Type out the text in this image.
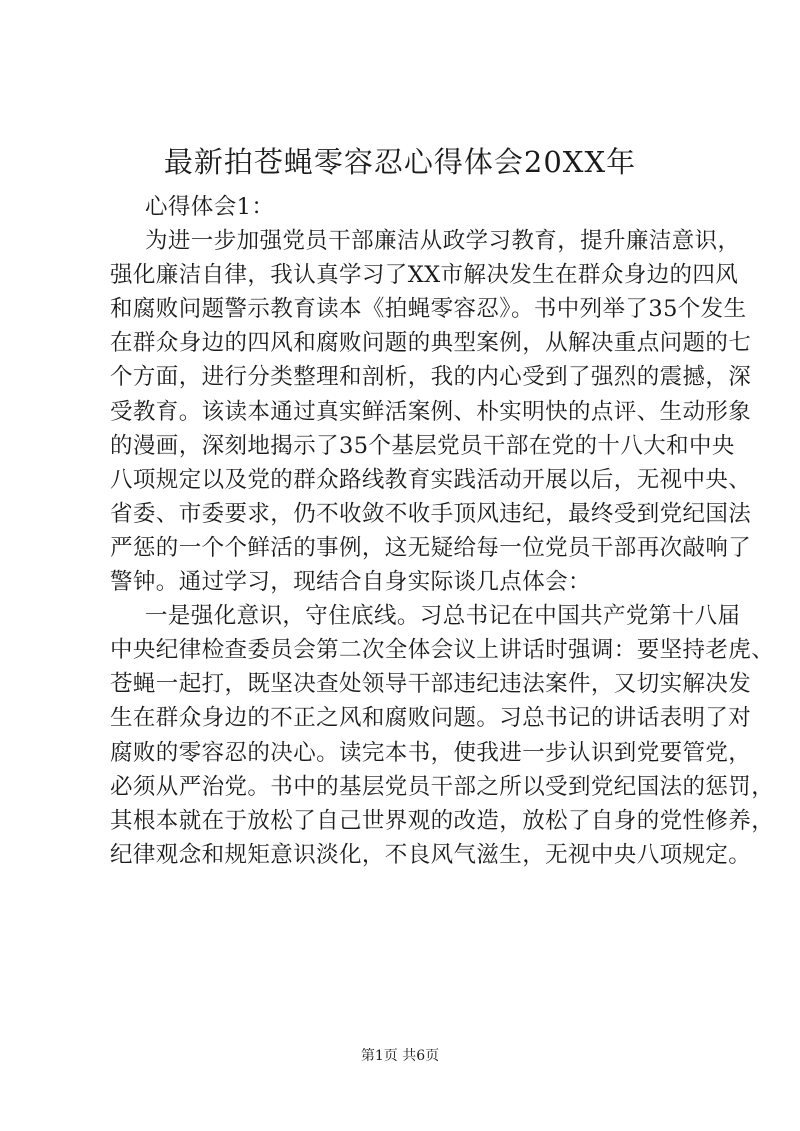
最新拍苍蝇零容忍心得体会20XX年
心得体会1：
为进一步加强党员干部廉洁从政学习教育，提升廉洁意识，
强化廉洁自律，我认真学习了XX市解决发生在群众身边的四风
和腐败问题警示教育读本《拍蝇零容忍》。书中列举了35个发生
在群众身边的四风和腐败问题的典型案例，从解决重点问题的七
个方面，进行分类整理和剖析，我的内心受到了强烈的震撼，深
受教育。该读本通过真实鲜活案例、朴实明快的点评、生动形象
的漫画，深刻地揭示了35个基层党员干部在党的十八大和中央
八项规定以及党的群众路线教育实践活动开展以后，无视中央、
省委、市委要求，仍不收敛不收手顶风违纪，最终受到党纪国法
严惩的一个个鲜活的事例，这无疑给每一位党员干部再次敲响了
警钟。通过学习，现结合自身实际谈几点体会：
一是强化意识，守住底线。习总书记在中国共产党第十八届
中央纪律检查委员会第二次全体会议上讲话时强调：要坚持老虎、
苍蝇一起打，既坚决查处领导干部违纪违法案件，又切实解决发
生在群众身边的不正之风和腐败问题。习总书记的讲话表明了对
腐败的零容忍的决心。读完本书，使我进一步认识到党要管党，
必须从严治党。书中的基层党员干部之所以受到党纪国法的惩罚，
其根本就在于放松了自己世界观的改造，放松了自身的党性修养，
纪律观念和规矩意识淡化，不良风气滋生，无视中央八项规定。
第1页 共6页
